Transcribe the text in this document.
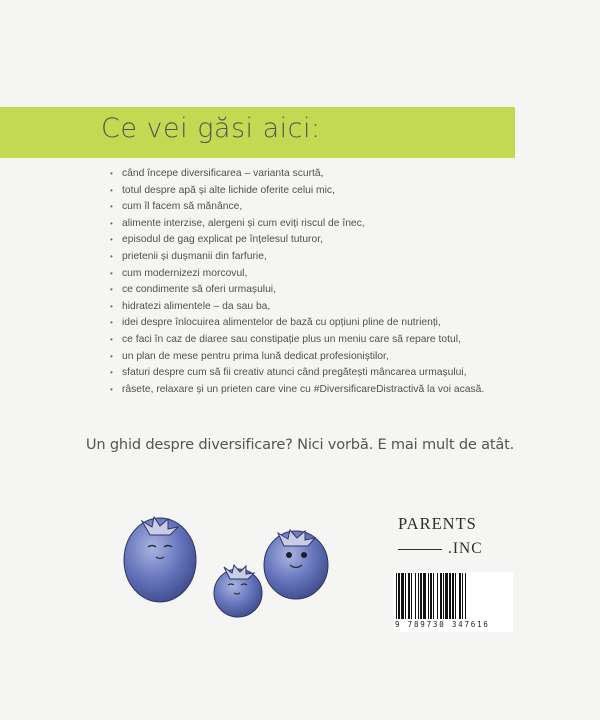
Ce vei găsi aici:
• când începe diversificarea – varianta scurtă,
• totul despre apă și alte lichide oferite celui mic,
• cum îl facem să mănânce,
• alimente interzise, alergeni și cum eviți riscul de înec,
• episodul de gag explicat pe înțelesul tuturor,
• prietenii și dușmanii din farfurie,
• cum modernizezi morcovul,
• ce condimente să oferi urmașului,
• hidratezi alimentele – da sau ba,
• idei despre înlocuirea alimentelor de bază cu opțiuni pline de nutrienți,
• ce faci în caz de diaree sau constipație plus un meniu care să repare totul,
• un plan de mese pentru prima lună dedicat profesioniștilor,
• sfaturi despre cum să fii creativ atunci când pregătești mâncarea urmașului,
• râsete, relaxare și un prieten care vine cu #DiversificareDistractivă la voi acasă.
Un ghid despre diversificare? Nici vorbă. E mai mult de atât.
PARENTS
.INC
9 789730 347616
